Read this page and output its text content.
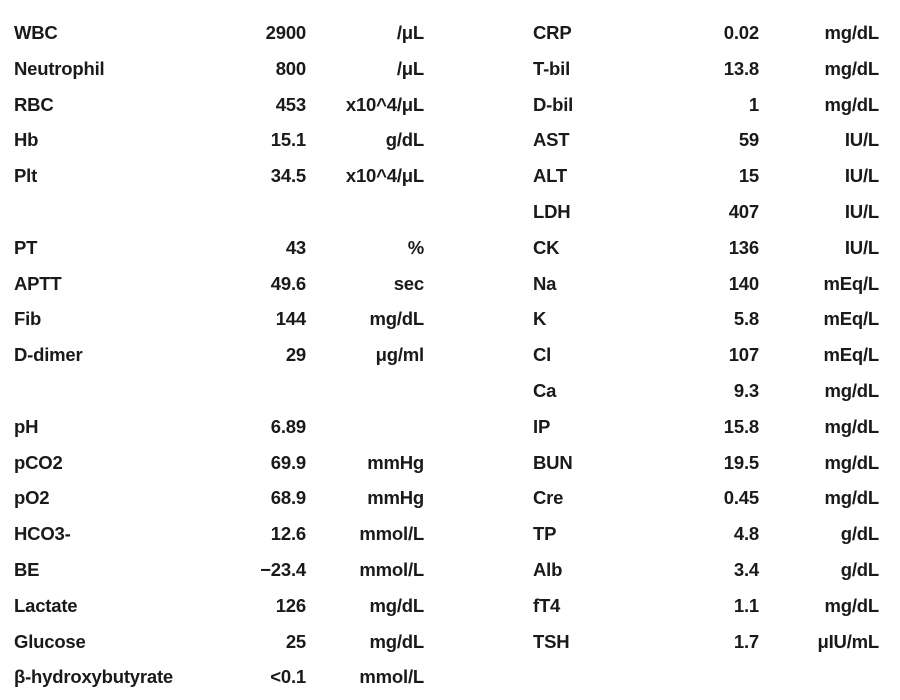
WBC	2900	/μL
Neutrophil	800	/μL
RBC	453	x10^4/μL
Hb	15.1	g/dL
Plt	34.5	x10^4/μL
PT	43	%
APTT	49.6	sec
Fib	144	mg/dL
D-dimer	29	μg/ml
pH	6.89
pCO2	69.9	mmHg
pO2	68.9	mmHg
HCO3-	12.6	mmol/L
BE	−23.4	mmol/L
Lactate	126	mg/dL
Glucose	25	mg/dL
β-hydroxybutyrate	<0.1	mmol/L
CRP	0.02	mg/dL
T-bil	13.8	mg/dL
D-bil	1	mg/dL
AST	59	IU/L
ALT	15	IU/L
LDH	407	IU/L
CK	136	IU/L
Na	140	mEq/L
K	5.8	mEq/L
Cl	107	mEq/L
Ca	9.3	mg/dL
IP	15.8	mg/dL
BUN	19.5	mg/dL
Cre	0.45	mg/dL
TP	4.8	g/dL
Alb	3.4	g/dL
fT4	1.1	mg/dL
TSH	1.7	μIU/mL
